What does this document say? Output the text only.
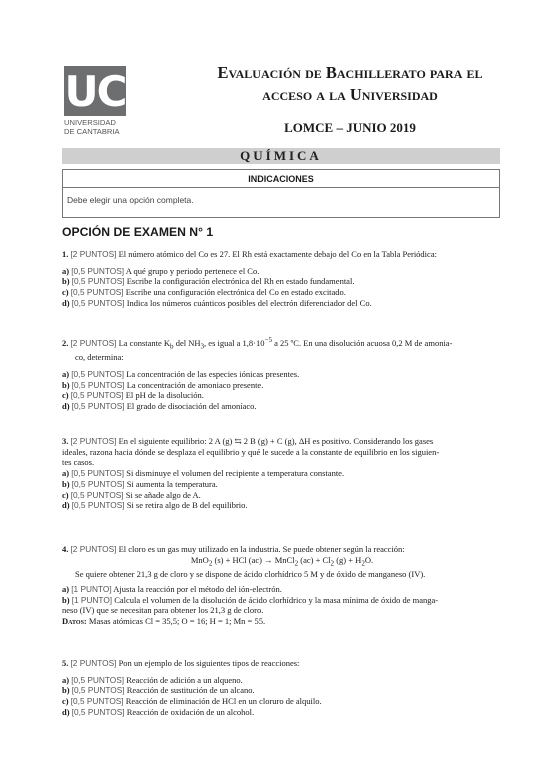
UC
UNIVERSIDAD
DE CANTABRIA
Evaluación de Bachillerato para el
acceso a la Universidad
LOMCE – JUNIO 2019
QUÍMICA
INDICACIONES
Debe elegir una opción completa.
OPCIÓN DE EXAMEN N° 1

1. [2 PUNTOS] El número atómico del Co es 27. El Rh está exactamente debajo del Co en la Tabla Periódica:

a) [0,5 PUNTOS] A qué grupo y periodo pertenece el Co.

b) [0,5 PUNTOS] Escribe la configuración electrónica del Rh en estado fundamental.

c) [0,5 PUNTOS] Escribe una configuración electrónica del Co en estado excitado.

d) [0,5 PUNTOS] Indica los números cuánticos posibles del electrón diferenciador del Co.

2. [2 PUNTOS] La constante $K_b$ del $NH_3$, es igual a $1,8\cdot 10^{-5}$ a 25 ºC. En una disolución acuosa 0,2 M de amonia-

co, determina:

a) [0,5 PUNTOS] La concentración de las especies iónicas presentes.

b) [0,5 PUNTOS] La concentración de amoniaco presente.

c) [0,5 PUNTOS] El pH de la disolución.

d) [0,5 PUNTOS] El grado de disociación del amoníaco.

3. [2 PUNTOS] En el siguiente equilibrio: 2 A (g) ⇆ 2 B (g) + C (g), ΔH es positivo. Considerando los gases

ideales, razona hacia dónde se desplaza el equilibrio y qué le sucede a la constante de equilibrio en los siguien-

tes casos.

a) [0,5 PUNTOS] Si disminuye el volumen del recipiente a temperatura constante.

b) [0,5 PUNTOS] Si aumenta la temperatura.

c) [0,5 PUNTOS] Si se añade algo de A.

d) [0,5 PUNTOS] Si se retira algo de B del equilibrio.

4. [2 PUNTOS] El cloro es un gas muy utilizado en la industria. Se puede obtener según la reacción:

MnO$_2$ (s) + HCl (ac) → MnCl$_2$ $(ac) + Cl_2$ $(g) + H_2O$.

Se quiere obtener 21,3 g de cloro y se dispone de ácido clorhídrico 5 M y de óxido de manganeso (IV).

a) [1 PUNTO] Ajusta la reacción por el método del ión-electrón.

b) [1 PUNTO] Calcula el volumen de la disolución de ácido clorhídrico y la masa mínima de óxido de manga-

neso (IV) que se necesitan para obtener los 21,3 g de cloro.

Datos: Masas atómicas Cl = 35,5; O = 16; H = 1; Mn = 55.

5. [2 PUNTOS] Pon un ejemplo de los siguientes tipos de reacciones:

a) [0,5 PUNTOS] Reacción de adición a un alqueno.

b) [0,5 PUNTOS] Reacción de sustitución de un alcano.

c) [0,5 PUNTOS] Reacción de eliminación de HCl en un cloruro de alquilo.

d) [0,5 PUNTOS] Reacción de oxidación de un alcohol.
